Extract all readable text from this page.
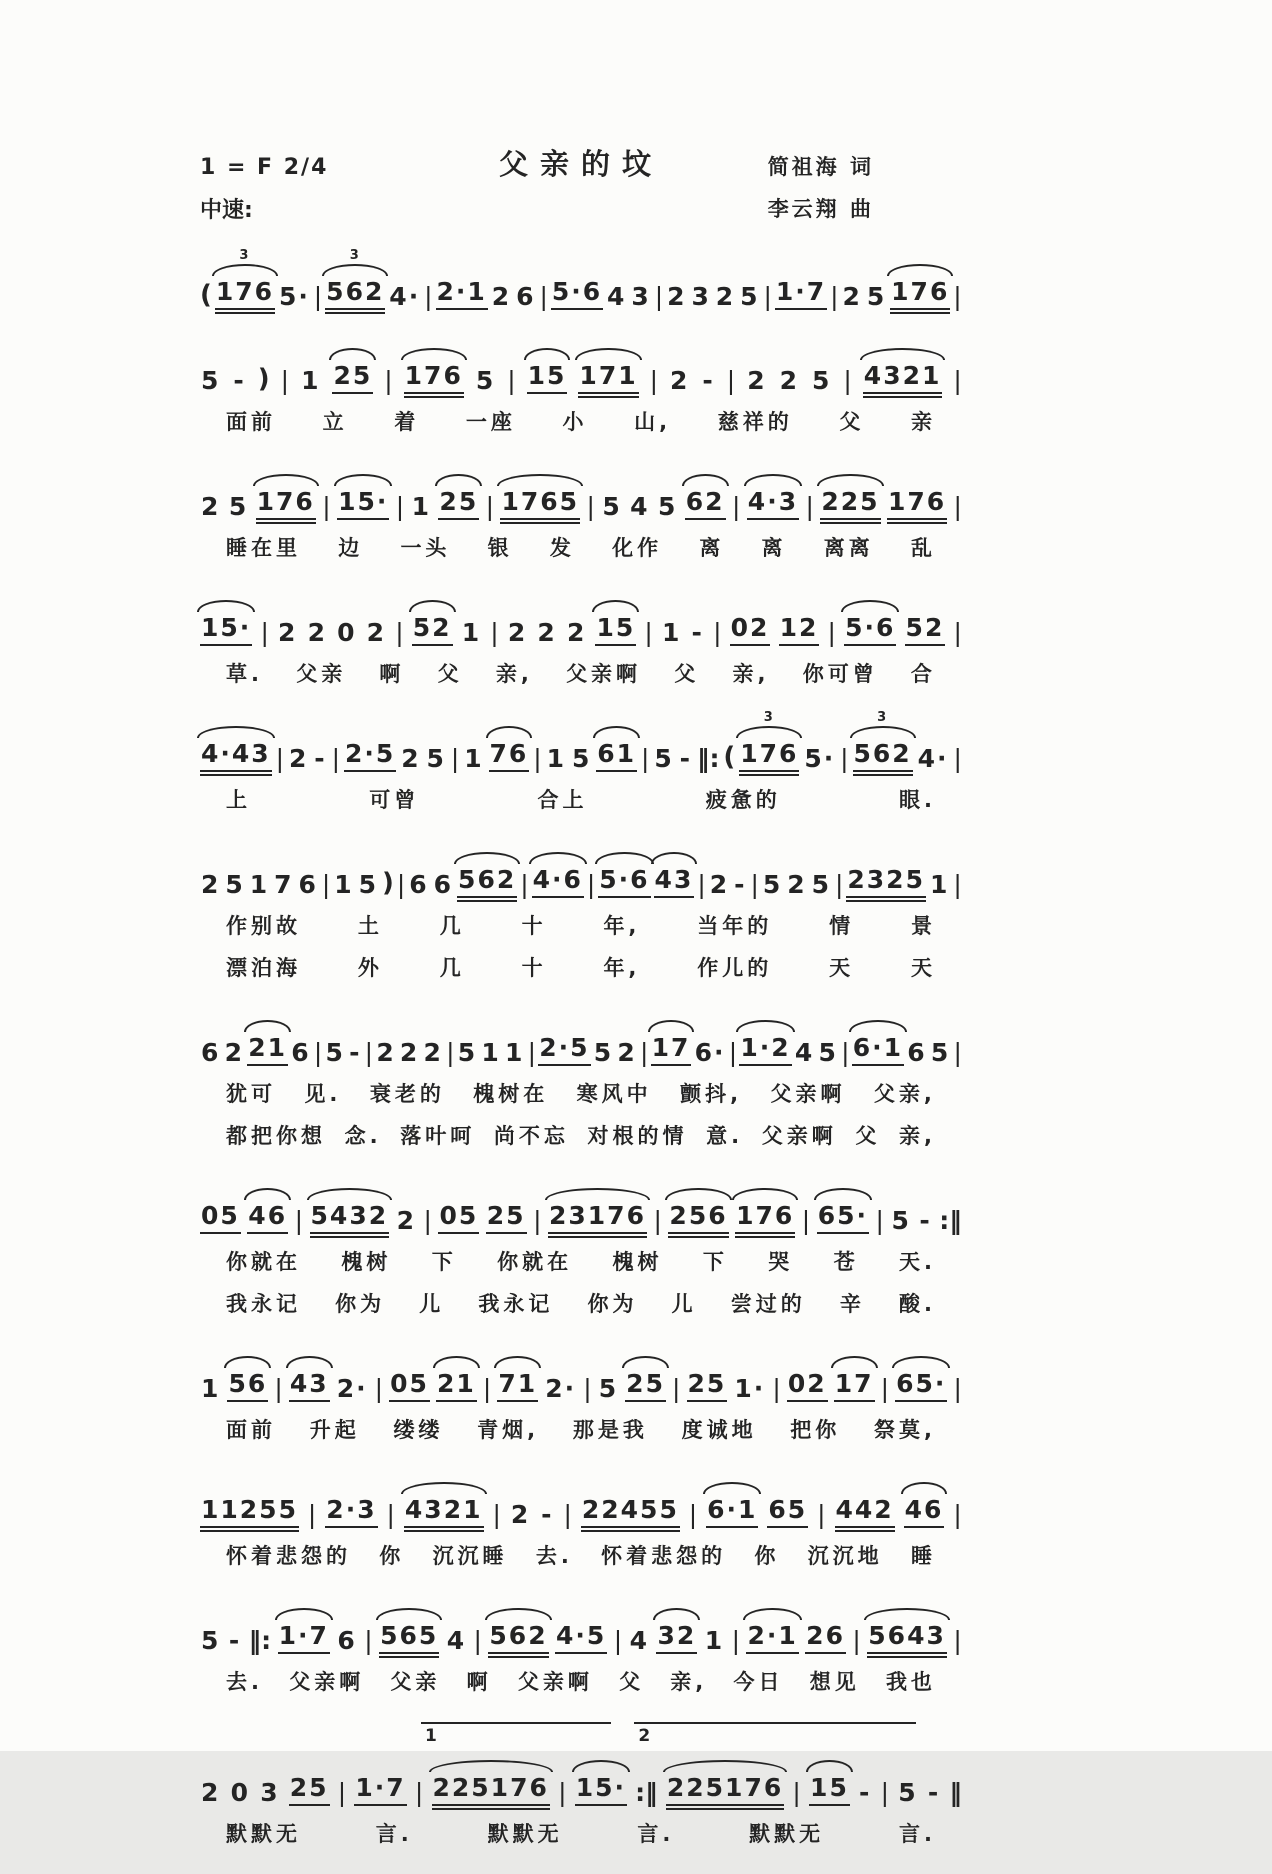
1 = F 2/4	父亲的坟	简祖海 词
中速:	李云翔 曲
( 176
3
5· | 562
3
4· | 2·1 2 6 | 5·6 4 3 | 2 3 2 5 | 1·7 | 2 5 176 |
5 - ) | 1 25 | 176 5 | 15 171 | 2 - | 2 2 5 | 4321 |
面前 立 着 一座 小 山, 慈祥的 父 亲
2 5 176 | 15· | 1 25 | 1765 | 5 4 5 62 | 4·3 | 225 176 |
睡在里 边 一头 银 发 化作 离 离 离离 乱
15· | 2 2 0 2 | 52 1 | 2 2 2 15 | 1 - | 02 12 | 5·6 52 |
草. 父亲 啊 父 亲, 父亲啊 父 亲, 你可曾 合
4·43 | 2 - | 2·5 2 5 | 1 76 | 1 5 61 | 5 - ‖: ( 176
3
5· | 562
3
4· |
上	可曾	合上	疲惫的	眼.
2 5 1 7 6 | 1 5 ) | 6 6 562 | 4·6 | 5·6 43 | 2 - | 5 2 5 | 2325 1 |
作别故	土	几	十	年,	当年的	情	景
漂泊海	外	几	十	年,	作儿的	天	天
6 2 21 6 | 5 - | 2 2 2 | 5 1 1 | 2·5 5 2 | 17 6· | 1·2 4 5 | 6·1 6 5 |
犹可 见. 衰老的 槐树在 寒风中 颤抖, 父亲啊 父亲,
都把你想 念. 落叶呵 尚不忘 对根的情 意. 父亲啊 父 亲,
05 46 | 5432 2 | 05 25 | 23176 | 256 176 | 65· | 5 - :‖
你就在 槐树 下 你就在 槐树 下 哭 苍 天.
我永记 你为 儿 我永记 你为 儿 尝过的 辛 酸.
1 56 | 43 2· | 05 21 | 71 2· | 5 25 | 25 1· | 02 17 | 65· |
面前 升起 缕缕 青烟, 那是我 度诚地 把你 祭莫,
11255 | 2·3 | 4321 | 2 - | 22455 | 6·1 65 | 442 46 |
怀着悲怨的 你 沉沉睡 去. 怀着悲怨的 你 沉沉地 睡
5 - ‖: 1·7 6 | 565 4 | 562 4·5 | 4 32 1 | 2·1 26 | 5643 |
去. 父亲啊 父亲 啊 父亲啊 父 亲, 今日 想见 我也
1	2
2 0 3 25 | 1·7 | 225176 | 15· :‖ 225176 | 15 - | 5 - ‖
默默无	言.	默默无	言.	默默无	言.
